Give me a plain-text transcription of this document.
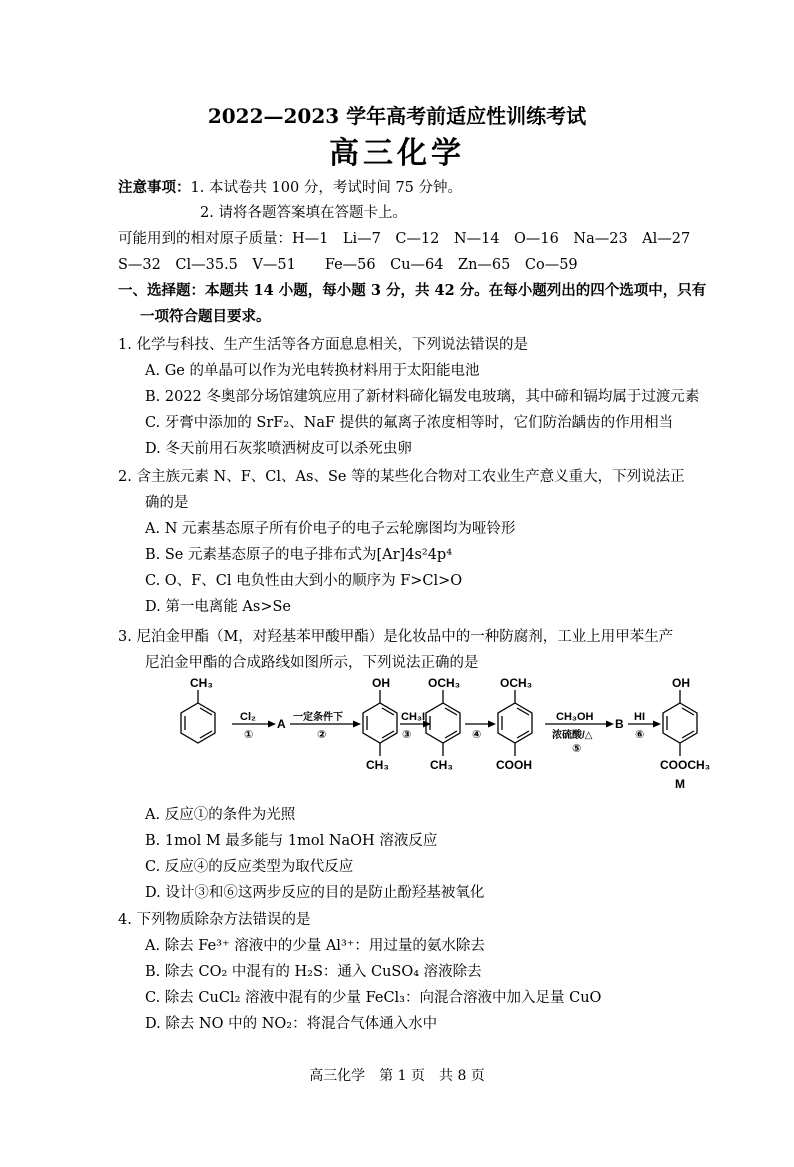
2022—2023 学年高考前适应性训练考试
高三化学
注意事项：1. 本试卷共 100 分，考试时间 75 分钟。
2. 请将各题答案填在答题卡上。
可能用到的相对原子质量：H—1　Li—7　C—12　N—14　O—16　Na—23　Al—27
S—32　Cl—35.5　V—51　　Fe—56　Cu—64　Zn—65　Co—59
一、选择题：本题共 14 小题，每小题 3 分，共 42 分。在每小题列出的四个选项中，只有
一项符合题目要求。
1. 化学与科技、生产生活等各方面息息相关，下列说法错误的是
A. Ge 的单晶可以作为光电转换材料用于太阳能电池
B. 2022 冬奥部分场馆建筑应用了新材料碲化镉发电玻璃，其中碲和镉均属于过渡元素
C. 牙膏中添加的 SrF₂、NaF 提供的氟离子浓度相等时，它们防治龋齿的作用相当
D. 冬天前用石灰浆喷洒树皮可以杀死虫卵
2. 含主族元素 N、F、Cl、As、Se 等的某些化合物对工农业生产意义重大，下列说法正
确的是
A. N 元素基态原子所有价电子的电子云轮廓图均为哑铃形
B. Se 元素基态原子的电子排布式为[Ar]4s²4p⁴
C. O、F、Cl 电负性由大到小的顺序为 F>Cl>O
D. 第一电离能 As>Se
3. 尼泊金甲酯（M，对羟基苯甲酸甲酯）是化妆品中的一种防腐剂，工业上用甲苯生产
尼泊金甲酯的合成路线如图所示，下列说法正确的是
CH₃
Cl₂
①
A 一定条件下
②
OH
CH₃
CH₃I
③
OCH₃
CH₃
④
OCH₃
COOH
CH₃OH
浓硫酸/△
⑤
B HI
⑥
OH
COOCH₃
M
A. 反应①的条件为光照
B. 1mol M 最多能与 1mol NaOH 溶液反应
C. 反应④的反应类型为取代反应
D. 设计③和⑥这两步反应的目的是防止酚羟基被氧化
4. 下列物质除杂方法错误的是
A. 除去 Fe³⁺ 溶液中的少量 Al³⁺：用过量的氨水除去
B. 除去 CO₂ 中混有的 H₂S：通入 CuSO₄ 溶液除去
C. 除去 CuCl₂ 溶液中混有的少量 FeCl₃：向混合溶液中加入足量 CuO
D. 除去 NO 中的 NO₂：将混合气体通入水中
高三化学　第 1 页　共 8 页
